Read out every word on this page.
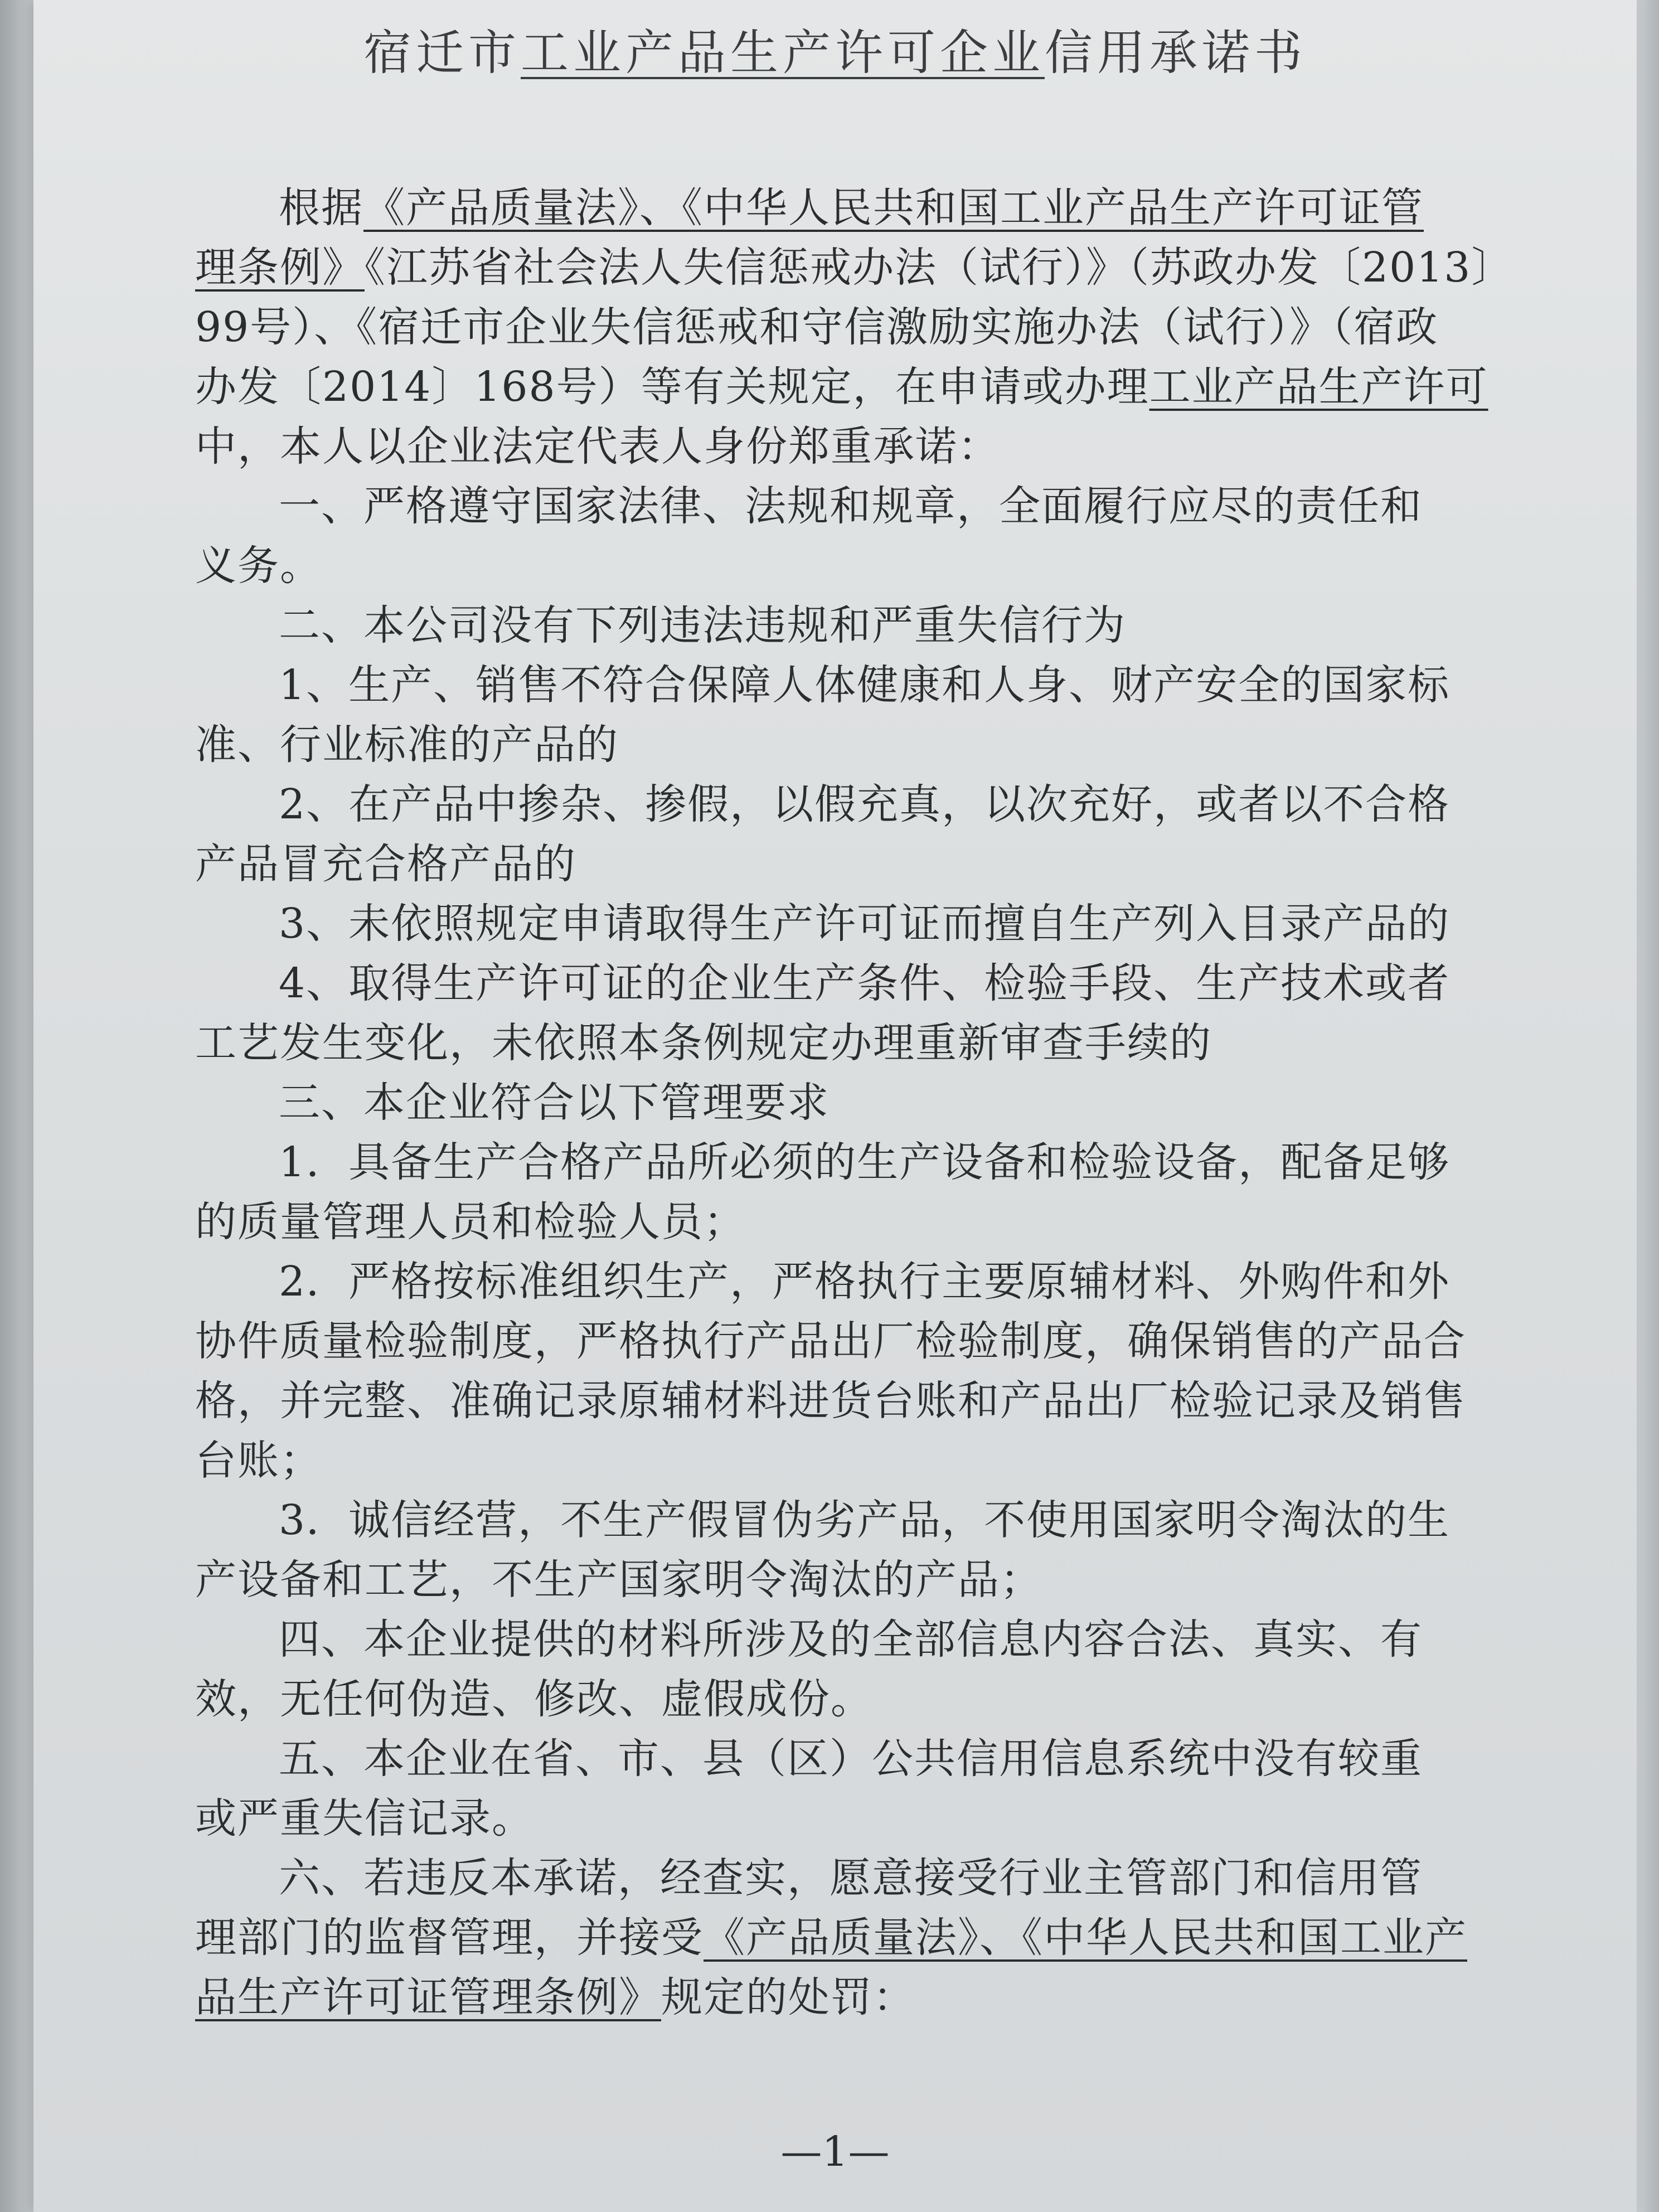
宿迁市工业产品生产许可企业信用承诺书
根据《产品质量法》、《中华人民共和国工业产品生产许可证管
理条例》《江苏省社会法人失信惩戒办法（试行）》（苏政办发〔2013〕
99号）、《宿迁市企业失信惩戒和守信激励实施办法（试行）》（宿政
办发〔2014〕168号）等有关规定，在申请或办理工业产品生产许可
中，本人以企业法定代表人身份郑重承诺：
一、严格遵守国家法律、法规和规章，全面履行应尽的责任和
义务。
二、本公司没有下列违法违规和严重失信行为
1、生产、销售不符合保障人体健康和人身、财产安全的国家标
准、行业标准的产品的
2、在产品中掺杂、掺假，以假充真，以次充好，或者以不合格
产品冒充合格产品的
3、未依照规定申请取得生产许可证而擅自生产列入目录产品的
4、取得生产许可证的企业生产条件、检验手段、生产技术或者
工艺发生变化，未依照本条例规定办理重新审查手续的
三、本企业符合以下管理要求
1．具备生产合格产品所必须的生产设备和检验设备，配备足够
的质量管理人员和检验人员；
2．严格按标准组织生产，严格执行主要原辅材料、外购件和外
协件质量检验制度，严格执行产品出厂检验制度，确保销售的产品合
格，并完整、准确记录原辅材料进货台账和产品出厂检验记录及销售
台账；
3．诚信经营，不生产假冒伪劣产品，不使用国家明令淘汰的生
产设备和工艺，不生产国家明令淘汰的产品；
四、本企业提供的材料所涉及的全部信息内容合法、真实、有
效，无任何伪造、修改、虚假成份。
五、本企业在省、市、县（区）公共信用信息系统中没有较重
或严重失信记录。
六、若违反本承诺，经查实，愿意接受行业主管部门和信用管
理部门的监督管理，并接受《产品质量法》、《中华人民共和国工业产
品生产许可证管理条例》规定的处罚：
—1—
